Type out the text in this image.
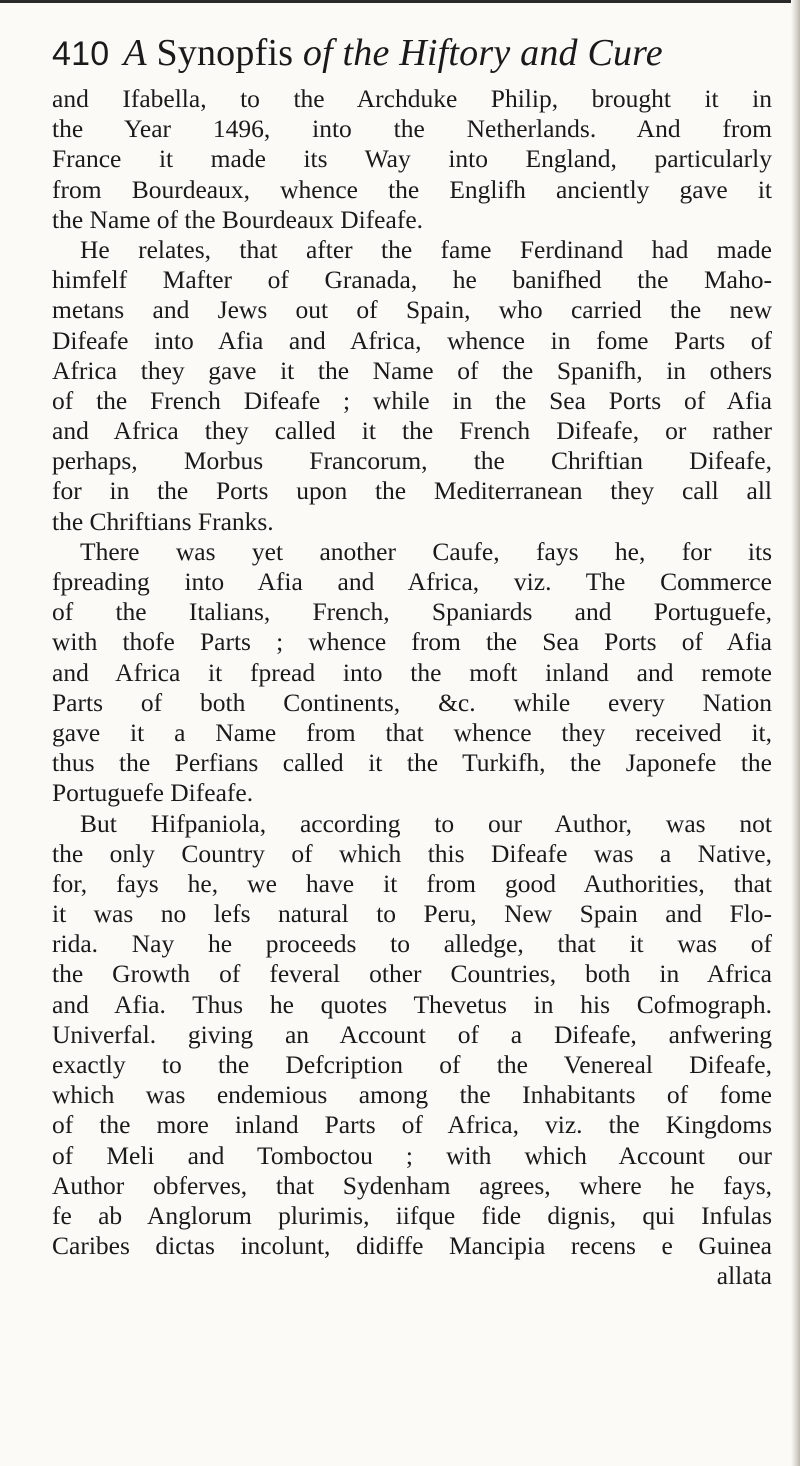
410 A Synopfis of the Hiftory and Cure
and Ifabella, to the Archduke Philip, brought it in
the Year 1496, into the Netherlands. And from
France it made its Way into England, particularly
from Bourdeaux, whence the Englifh anciently gave it
the Name of the Bourdeaux Difeafe.
He relates, that after the fame Ferdinand had made
himfelf Mafter of Granada, he banifhed the Maho-
metans and Jews out of Spain, who carried the new
Difeafe into Afia and Africa, whence in fome Parts of
Africa they gave it the Name of the Spanifh, in others
of the French Difeafe ; while in the Sea Ports of Afia
and Africa they called it the French Difeafe, or rather
perhaps, Morbus Francorum, the Chriftian Difeafe,
for in the Ports upon the Mediterranean they call all
the Chriftians Franks.
There was yet another Caufe, fays he, for its
fpreading into Afia and Africa, viz. The Commerce
of the Italians, French, Spaniards and Portuguefe,
with thofe Parts ; whence from the Sea Ports of Afia
and Africa it fpread into the moft inland and remote
Parts of both Continents, &c. while every Nation
gave it a Name from that whence they received it,
thus the Perfians called it the Turkifh, the Japonefe the
Portuguefe Difeafe.
But Hifpaniola, according to our Author, was not
the only Country of which this Difeafe was a Native,
for, fays he, we have it from good Authorities, that
it was no lefs natural to Peru, New Spain and Flo-
rida. Nay he proceeds to alledge, that it was of
the Growth of feveral other Countries, both in Africa
and Afia. Thus he quotes Thevetus in his Cofmograph.
Univerfal. giving an Account of a Difeafe, anfwering
exactly to the Defcription of the Venereal Difeafe,
which was endemious among the Inhabitants of fome
of the more inland Parts of Africa, viz. the Kingdoms
of Meli and Tomboctou ; with which Account our
Author obferves, that Sydenham agrees, where he fays,
fe ab Anglorum plurimis, iifque fide dignis, qui Infulas
Caribes dictas incolunt, didiffe Mancipia recens e Guinea
allata
